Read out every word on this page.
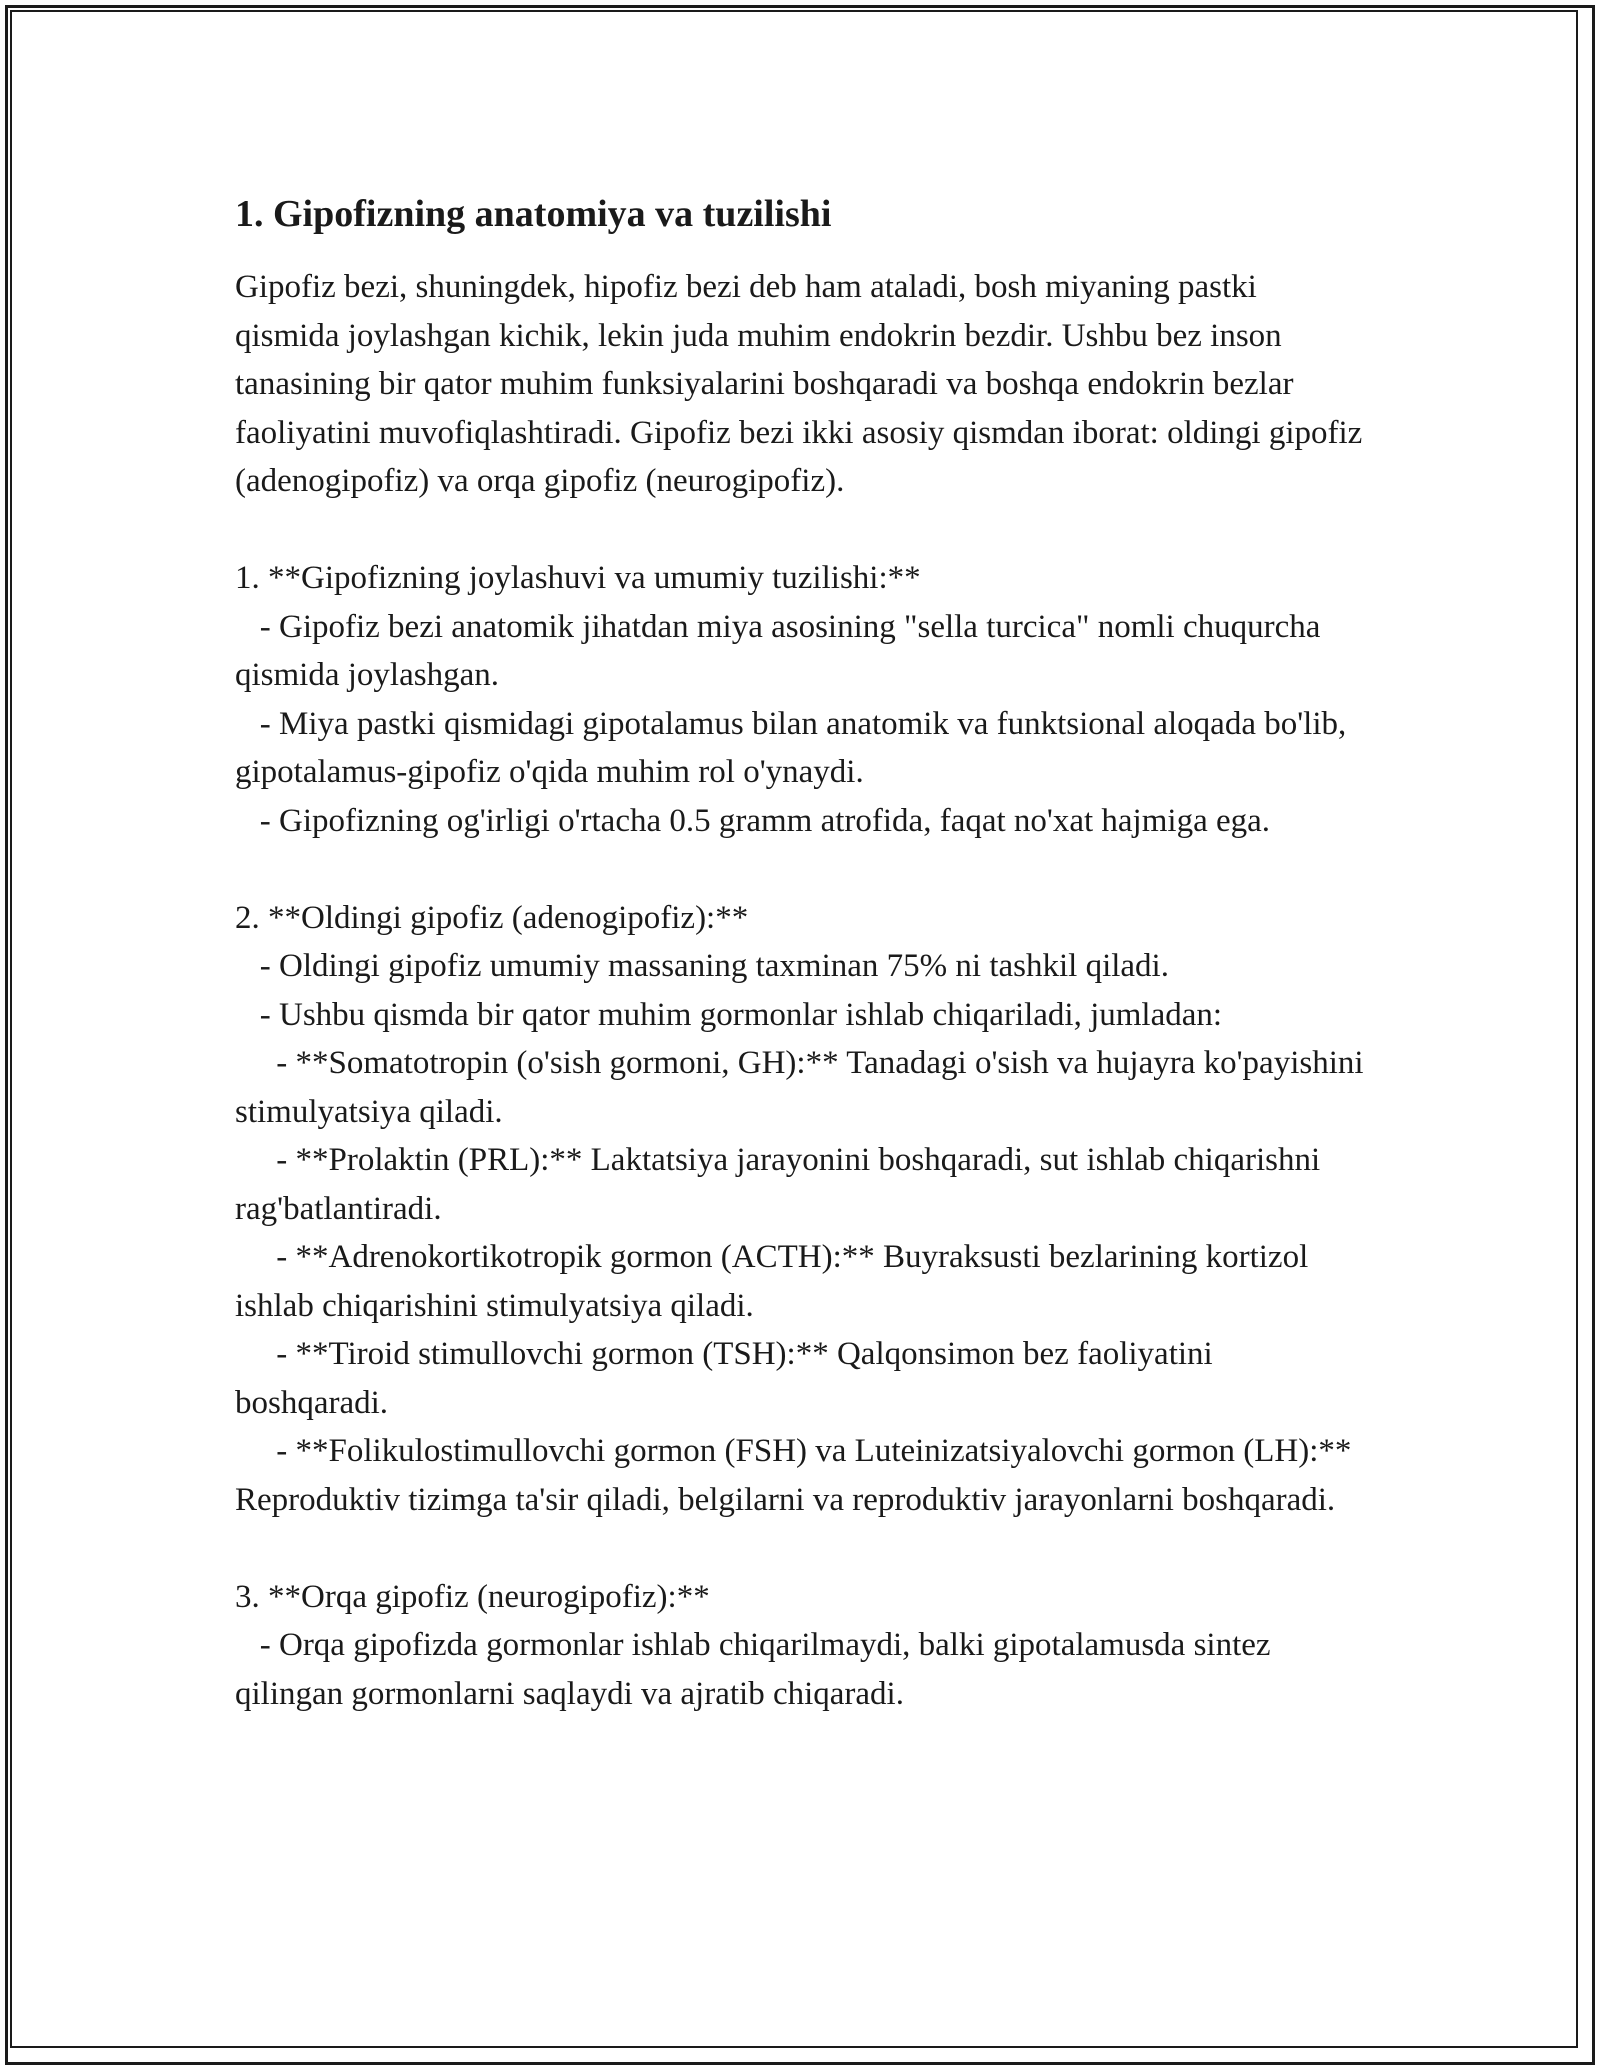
1. Gipofizning anatomiya va tuzilishi

Gipofiz bezi, shuningdek, hipofiz bezi deb ham ataladi, bosh miyaning pastki qismida joylashgan kichik, lekin juda muhim endokrin bezdir. Ushbu bez inson tanasining bir qator muhim funksiyalarini boshqaradi va boshqa endokrin bezlar faoliyatini muvofiqlashtiradi. Gipofiz bezi ikki asosiy qismdan iborat: oldingi gipofiz (adenogipofiz) va orqa gipofiz (neurogipofiz).

1. **Gipofizning joylashuvi va umumiy tuzilishi:**

- Gipofiz bezi anatomik jihatdan miya asosining "sella turcica" nomli chuqurcha qismida joylashgan.

- Miya pastki qismidagi gipotalamus bilan anatomik va funktsional aloqada bo'lib, gipotalamus-gipofiz o'qida muhim rol o'ynaydi.

- Gipofizning og'irligi o'rtacha 0.5 gramm atrofida, faqat no'xat hajmiga ega.

2. **Oldingi gipofiz (adenogipofiz):**

- Oldingi gipofiz umumiy massaning taxminan 75% ni tashkil qiladi.

- Ushbu qismda bir qator muhim gormonlar ishlab chiqariladi, jumladan:

- **Somatotropin (o'sish gormoni, GH):** Tanadagi o'sish va hujayra ko'payishini stimulyatsiya qiladi.

- **Prolaktin (PRL):** Laktatsiya jarayonini boshqaradi, sut ishlab chiqarishni rag'batlantiradi.

- **Adrenokortikotropik gormon (ACTH):** Buyraksusti bezlarining kortizol ishlab chiqarishini stimulyatsiya qiladi.

- **Tiroid stimullovchi gormon (TSH):** Qalqonsimon bez faoliyatini boshqaradi.

- **Folikulostimullovchi gormon (FSH) va Luteinizatsiyalovchi gormon (LH):** Reproduktiv tizimga ta'sir qiladi, belgilarni va reproduktiv jarayonlarni boshqaradi.

3. **Orqa gipofiz (neurogipofiz):**

- Orqa gipofizda gormonlar ishlab chiqarilmaydi, balki gipotalamusda sintez qilingan gormonlarni saqlaydi va ajratib chiqaradi.
